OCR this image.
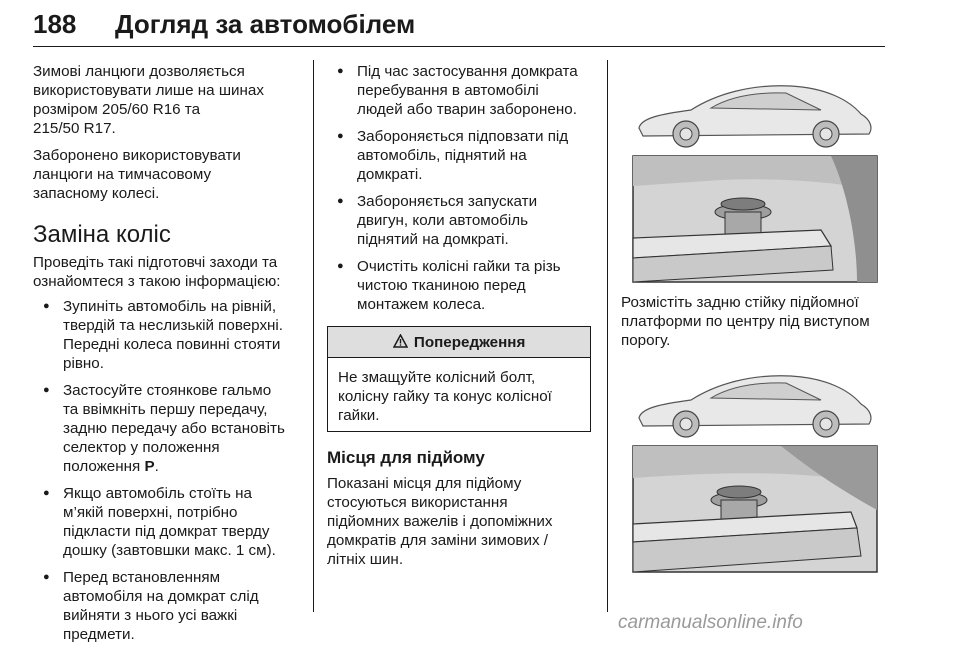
188 Догляд за автомобілем

Зимові ланцюги дозволяється
використовувати лише на шинах
розміром 205/60 R16 та
215/50 R17.

Заборонено використовувати
ланцюги на тимчасовому
запасному колесі.

Заміна коліс

Проведіть такі підготовчі заходи та
ознайомтеся з такою інформацією:

● Зупиніть автомобіль на рівній,
твердій та неслизькій поверхні.
Передні колеса повинні стояти
рівно.
● Застосуйте стоянкове гальмо
та ввімкніть першу передачу,
задню передачу або встановіть
селектор у положення
положення P.
● Якщо автомобіль стоїть на
м’якій поверхні, потрібно
підкласти під домкрат тверду
дошку (завтовшки макс. 1 см).
● Перед встановленням
автомобіля на домкрат слід
вийняти з нього усі важкі
предмети.
● Під час застосування домкрата
перебування в автомобілі
людей або тварин заборонено.
● Забороняється підповзати під
автомобіль, піднятий на
домкраті.
● Забороняється запускати
двигун, коли автомобіль
піднятий на домкраті.
● Очистіть колісні гайки та різь
чистою тканиною перед
монтажем колеса.
Попередження

Не змащуйте колісний болт,
колісну гайку та конус колісної
гайки.

Місця для підйому

Показані місця для підйому
стосуються використання
підйомних важелів і допоміжних
домкратів для заміни зимових /
літніх шин.

Розмістіть задню стійку підйомної
платформи по центру під виступом
порогу.

carmanualsonline.info
